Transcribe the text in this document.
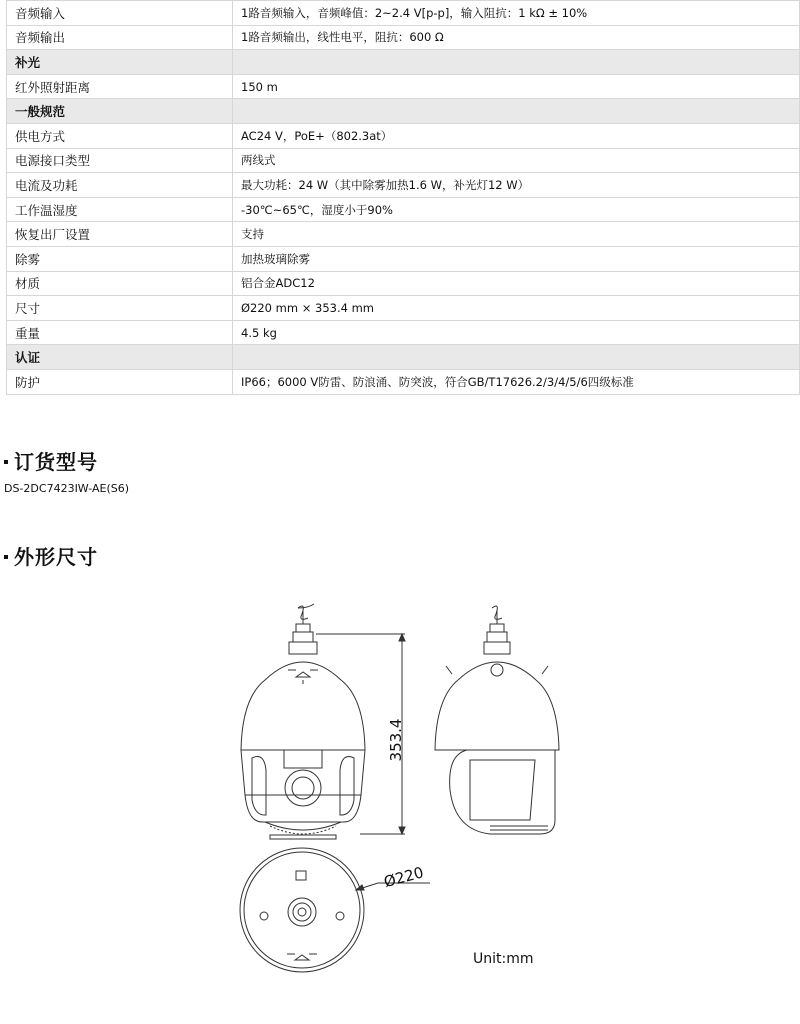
音频输入	1路音频输入，音频峰值：2~2.4 V[p-p]，输入阻抗：1 kΩ ± 10%
音频输出	1路音频输出，线性电平，阻抗：600 Ω
补光	
红外照射距离	150 m
一般规范	
供电方式	AC24 V，PoE+（802.3at）
电源接口类型	两线式
电流及功耗	最大功耗：24 W（其中除雾加热1.6 W，补光灯12 W）
工作温湿度	-30℃~65℃，湿度小于90%
恢复出厂设置	支持
除雾	加热玻璃除雾
材质	铝合金ADC12
尺寸	Ø220 mm × 353.4 mm
重量	4.5 kg
认证	
防护	IP66；6000 V防雷、防浪涌、防突波，符合GB/T17626.2/3/4/5/6四级标准
订货型号
DS-2DC7423IW-AE(S6)
外形尺寸
353.4
Ø220
Unit:mm
